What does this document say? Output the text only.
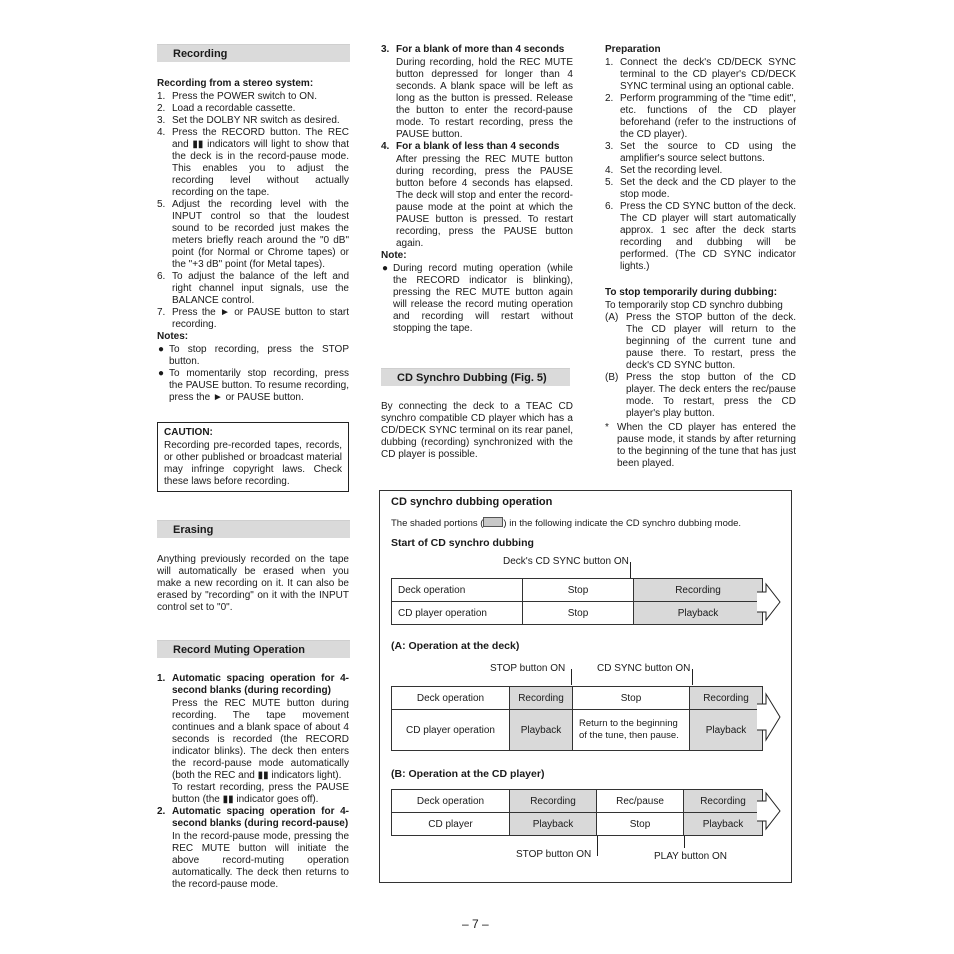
Recording
Recording from a stereo system:
1. Press the POWER switch to ON.
2. Load a recordable cassette.
3. Set the DOLBY NR switch as desired.
4. Press the RECORD button. The REC and ▮▮ indicators will light to show that the deck is in the record-pause mode. This enables you to adjust the recording level without actually recording on the tape.
5. Adjust the recording level with the INPUT control so that the loudest sound to be recorded just makes the meters briefly reach around the "0 dB" point (for Normal or Chrome tapes) or the "+3 dB" point (for Metal tapes).
6. To adjust the balance of the left and right channel input signals, use the BALANCE control.
7. Press the ► or PAUSE button to start recording.
Notes:
● To stop recording, press the STOP button.
● To momentarily stop recording, press the PAUSE button. To resume recording, press the ► or PAUSE button.
CAUTION:
Recording pre-recorded tapes, records, or other published or broadcast material may infringe copyright laws. Check these laws before recording.
Erasing
Anything previously recorded on the tape will automatically be erased when you make a new recording on it. It can also be erased by "recording" on it with the INPUT control set to "0".
Record Muting Operation
1. Automatic spacing operation for 4-second blanks (during recording)
Press the REC MUTE button during recording. The tape movement continues and a blank space of about 4 seconds is recorded (the RECORD indicator blinks). The deck then enters the record-pause mode automatically (both the REC and ▮▮ indicators light).
To restart recording, press the PAUSE button (the ▮▮ indicator goes off).
2. Automatic spacing operation for 4-second blanks (during record-pause)
In the record-pause mode, pressing the REC MUTE button will initiate the above record-muting operation automatically. The deck then returns to the record-pause mode.
3. For a blank of more than 4 seconds
During recording, hold the REC MUTE button depressed for longer than 4 seconds. A blank space will be left as long as the button is pressed. Release the button to enter the record-pause mode. To restart recording, press the PAUSE button.
4. For a blank of less than 4 seconds
After pressing the REC MUTE button during recording, press the PAUSE button before 4 seconds has elapsed. The deck will stop and enter the record-pause mode at the point at which the PAUSE button is pressed. To restart recording, press the PAUSE button again.
Note:
● During record muting operation (while the RECORD indicator is blinking), pressing the REC MUTE button again will release the record muting operation and recording will restart without stopping the tape.
CD Synchro Dubbing (Fig. 5)
By connecting the deck to a TEAC CD synchro compatible CD player which has a CD/DECK SYNC terminal on its rear panel, dubbing (recording) synchronized with the CD player is possible.
Preparation
1. Connect the deck's CD/DECK SYNC terminal to the CD player's CD/DECK SYNC terminal using an optional cable.
2. Perform programming of the "time edit", etc. functions of the CD player beforehand (refer to the instructions of the CD player).
3. Set the source to CD using the amplifier's source select buttons.
4. Set the recording level.
5. Set the deck and the CD player to the stop mode.
6. Press the CD SYNC button of the deck. The CD player will start automatically approx. 1 sec after the deck starts recording and dubbing will be performed. (The CD SYNC indicator lights.)
To stop temporarily during dubbing:
To temporarily stop CD synchro dubbing
(A) Press the STOP button of the deck. The CD player will return to the beginning of the current tune and pause there. To restart, press the deck's CD SYNC button.
(B) Press the stop button of the CD player. The deck enters the rec/pause mode. To restart, press the CD player's play button.
* When the CD player has entered the pause mode, it stands by after returning to the beginning of the tune that has just been played.
CD synchro dubbing operation
The shaded portions ( ) in the following indicate the CD synchro dubbing mode.
Start of CD synchro dubbing
Deck's CD SYNC button ON
Deck operation	Stop	Recording
CD player operation	Stop	Playback
(A: Operation at the deck)
STOP button ON	CD SYNC button ON
Deck operation	Recording	Stop	Recording
CD player operation	Playback	Return to the beginning of the tune, then pause.	Playback
(B: Operation at the CD player)
Deck operation	Recording	Rec/pause	Recording
CD player	Playback	Stop	Playback
STOP button ON	PLAY button ON
– 7 –
